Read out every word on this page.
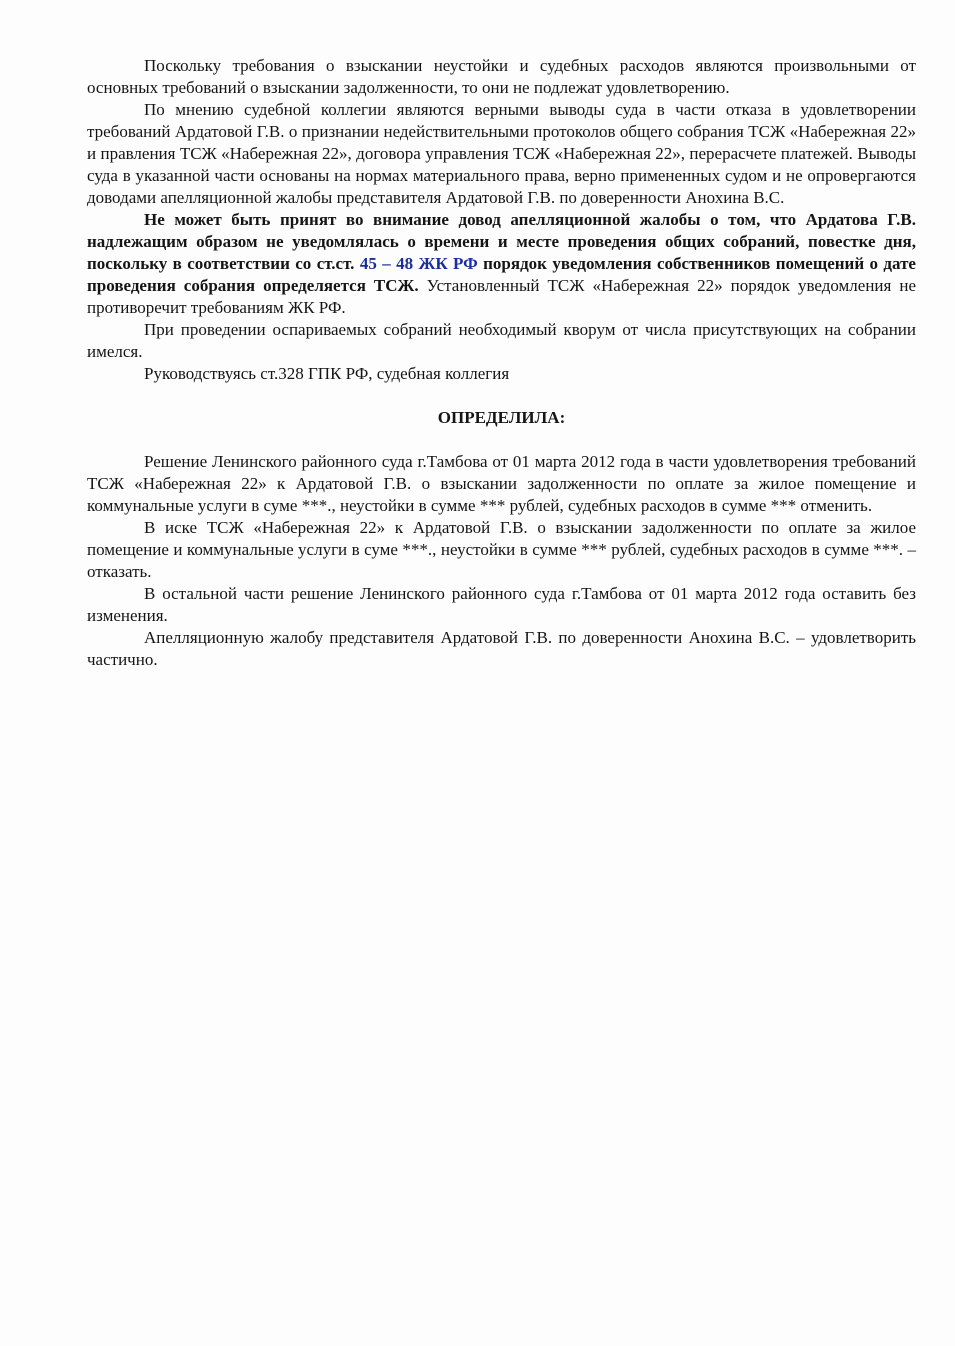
Поскольку требования о взыскании неустойки и судебных расходов являются произвольными от основных требований о взыскании задолженности, то они не подлежат удовлетворению.

По мнению судебной коллегии являются верными выводы суда в части отказа в удовлетворении требований Ардатовой Г.В. о признании недействительными протоколов общего собрания ТСЖ «Набережная 22» и правления ТСЖ «Набережная 22», договора управления ТСЖ «Набережная 22», перерасчете платежей. Выводы суда в указанной части основаны на нормах материального права, верно примененных судом и не опровергаются доводами апелляционной жалобы представителя Ардатовой Г.В. по доверенности Анохина В.С.

Не может быть принят во внимание довод апелляционной жалобы о том, что Ардатова Г.В. надлежащим образом не уведомлялась о времени и месте проведения общих собраний, повестке дня, поскольку в соответствии со ст.ст. 45 – 48 ЖК РФ порядок уведомления собственников помещений о дате проведения собрания определяется ТСЖ. Установленный ТСЖ «Набережная 22» порядок уведомления не противоречит требованиям ЖК РФ.

При проведении оспариваемых собраний необходимый кворум от числа присутствующих на собрании имелся.

Руководствуясь ст.328 ГПК РФ, судебная коллегия

ОПРЕДЕЛИЛА:

Решение Ленинского районного суда г.Тамбова от 01 марта 2012 года в части удовлетворения требований ТСЖ «Набережная 22» к Ардатовой Г.В. о взыскании задолженности по оплате за жилое помещение и коммунальные услуги в суме ***., неустойки в сумме *** рублей, судебных расходов в сумме *** отменить.

В иске ТСЖ «Набережная 22» к Ардатовой Г.В. о взыскании задолженности по оплате за жилое помещение и коммунальные услуги в суме ***., неустойки в сумме *** рублей, судебных расходов в сумме ***. – отказать.

В остальной части решение Ленинского районного суда г.Тамбова от 01 марта 2012 года оставить без изменения.

Апелляционную жалобу представителя Ардатовой Г.В. по доверенности Анохина В.С. – удовлетворить частично.
